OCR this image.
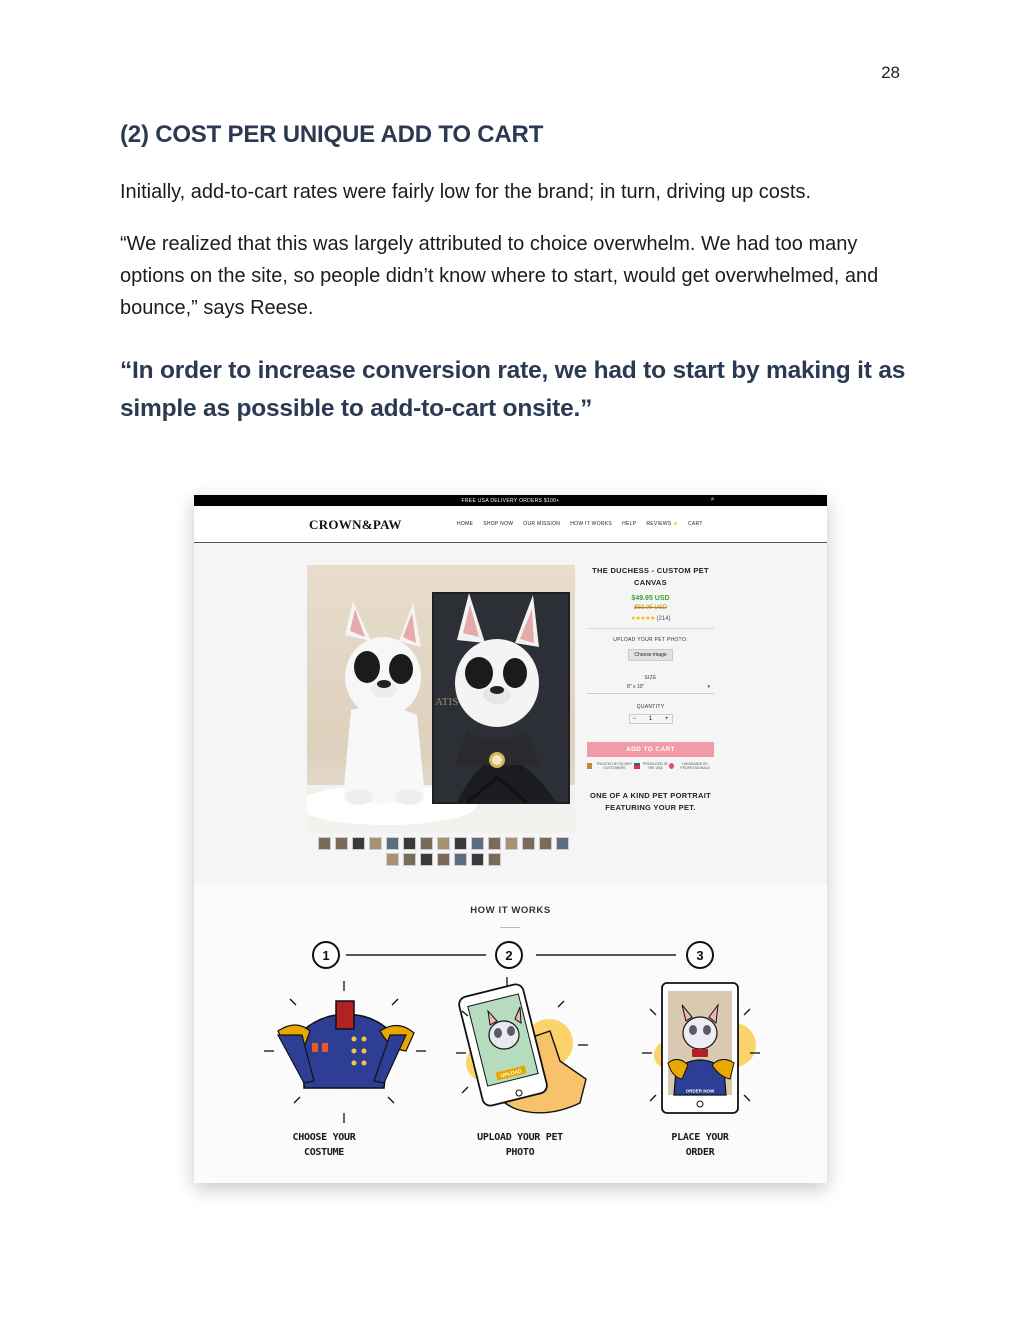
28
(2) COST PER UNIQUE ADD TO CART

Initially, add-to-cart rates were fairly low for the brand; in turn, driving up costs.

“We realized that this was largely attributed to choice overwhelm. We had too many options on the site, so people didn’t know where to start, would get overwhelmed, and bounce,” says Reese.

“In order to increase conversion rate, we had to start by making it as simple as possible to add-to-cart onsite.”

FREE USA DELIVERY ORDERS $100+	⌕
CROWN&PAW	HOME SHOP NOW OUR MISSION HOW IT WORKS HELP REVIEWS ★ CART
ATIS
THE DUCHESS - CUSTOM PET CANVAS
$49.95 USD
$59.95 USD
★★★★★ (214)
UPLOAD YOUR PET PHOTO:
Choose image
SIZE
8" x 10"	▾
QUANTITY
− 1 +
ADD TO CART
TRUSTED BY 50,000+ CUSTOMERS
PRODUCED IN THE USA
HANDMADE BY PROFESSIONALS
ONE OF A KIND PET PORTRAIT FEATURING YOUR PET.
HOW IT WORKS
1	2	3
UPLOAD
ORDER NOW
CHOOSE YOUR COSTUME
UPLOAD YOUR PET PHOTO
PLACE YOUR ORDER
